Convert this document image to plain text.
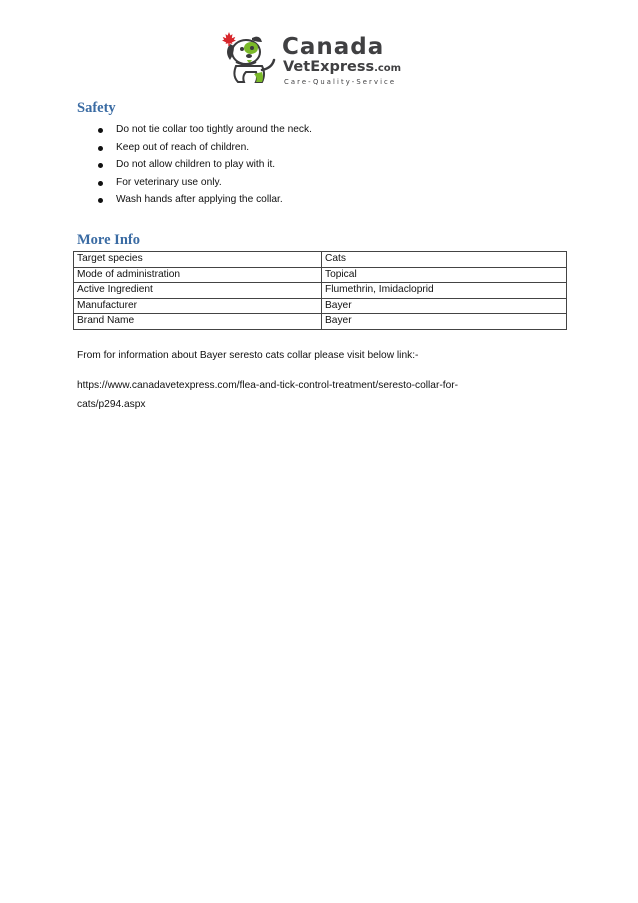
Canada
VetExpress.com
Care-Quality-Service
Safety
Do not tie collar too tightly around the neck.
Keep out of reach of children.
Do not allow children to play with it.
For veterinary use only.
Wash hands after applying the collar.
More Info
Target species	Cats
Mode of administration	Topical
Active Ingredient	Flumethrin, Imidacloprid
Manufacturer	Bayer
Brand Name	Bayer

From for information about Bayer seresto cats collar please visit below link:-

https://www.canadavetexpress.com/flea-and-tick-control-treatment/seresto-collar-for-cats/p294.aspx
